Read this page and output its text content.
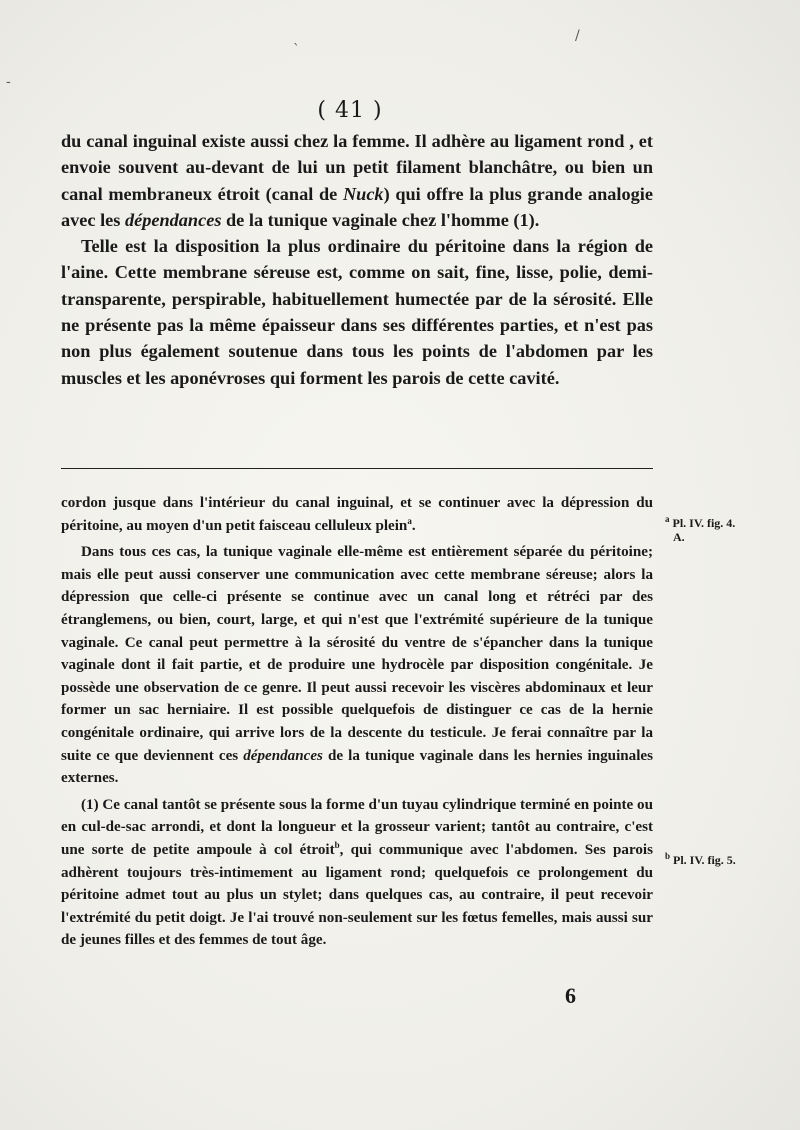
-
ˋ
/
( 41 )

du canal inguinal existe aussi chez la femme. Il adhère au ligament rond , et envoie souvent au-devant de lui un petit filament blanchâtre, ou bien un canal membraneux étroit (canal de Nuck) qui offre la plus grande analogie avec les dépendances de la tunique vaginale chez l'homme (1).

Telle est la disposition la plus ordinaire du péritoine dans la région de l'aine. Cette membrane séreuse est, comme on sait, fine, lisse, polie, demi-transparente, perspirable, habituellement humectée par de la sérosité. Elle ne présente pas la même épaisseur dans ses différentes parties, et n'est pas non plus également soutenue dans tous les points de l'abdomen par les muscles et les aponévroses qui forment les parois de cette cavité.

cordon jusque dans l'intérieur du canal inguinal, et se continuer avec la dépression du péritoine, au moyen d'un petit faisceau celluleux plein$^a$.

Dans tous ces cas, la tunique vaginale elle-même est entièrement séparée du péritoine; mais elle peut aussi conserver une communication avec cette membrane séreuse; alors la dépression que celle-ci présente se continue avec un canal long et rétréci par des étranglemens, ou bien, court, large, et qui n'est que l'extrémité supérieure de la tunique vaginale. Ce canal peut permettre à la sérosité du ventre de s'épancher dans la tunique vaginale dont il fait partie, et de produire une hydrocèle par disposition congénitale. Je possède une observation de ce genre. Il peut aussi recevoir les viscères abdominaux et leur former un sac herniaire. Il est possible quelquefois de distinguer ce cas de la hernie congénitale ordinaire, qui arrive lors de la descente du testicule. Je ferai connaître par la suite ce que deviennent ces dépendances de la tunique vaginale dans les hernies inguinales externes.

(1) Ce canal tantôt se présente sous la forme d'un tuyau cylindrique terminé en pointe ou en cul-de-sac arrondi, et dont la longueur et la grosseur varient; tantôt au contraire, c'est une sorte de petite ampoule à col étroit$^b$, qui communique avec l'abdomen. Ses parois adhèrent toujours très-intimement au ligament rond; quelquefois ce prolongement du péritoine admet tout au plus un stylet; dans quelques cas, au contraire, il peut recevoir l'extrémité du petit doigt. Je l'ai trouvé non-seulement sur les fœtus femelles, mais aussi sur de jeunes filles et des femmes de tout âge.

$^a$ Pl. IV. fig. 4.
A.
$^b$ Pl. IV. fig. 5.
6
